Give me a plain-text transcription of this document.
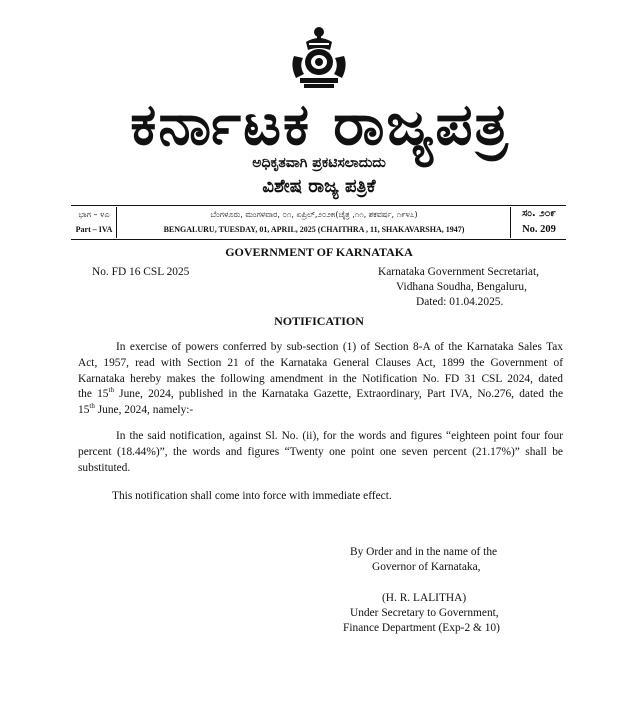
ಕರ್ನಾಟಕ ರಾಜ್ಯಪತ್ರ
ಅಧಿಕೃತವಾಗಿ ಪ್ರಕಟಿಸಲಾದುದು
ವಿಶೇಷ ರಾಜ್ಯ ಪತ್ರಿಕೆ
ಭಾಗ – ೪ಎ
Part – IVA
ಬೆಂಗಳೂರು, ಮಂಗಳವಾರ, ೦೧, ಏಪ್ರಿಲ್,೨೦೨೫(ಚೈತ್ರ ,೧೧, ಶಕವರ್ಷ, ೧೯೪೭)
BENGALURU, TUESDAY, 01, APRIL, 2025 (CHAITHRA , 11, SHAKAVARSHA, 1947)
ಸಂ. ೨೦೯
No. 209
GOVERNMENT OF KARNATAKA
No. FD 16 CSL 2025	Karnataka Government Secretariat,
Vidhana Soudha, Bengaluru,
Dated: 01.04.2025.
NOTIFICATION
In exercise of powers conferred by sub-section (1) of Section 8-A of the Karnataka Sales Tax
Act, 1957, read with Section 21 of the Karnataka General Clauses Act, 1899 the Government of
Karnataka hereby makes the following amendment in the Notification No. FD 31 CSL 2024, dated
the 15th June, 2024, published in the Karnataka Gazette, Extraordinary, Part IVA, No.276, dated the
15th June, 2024, namely:-
In the said notification, against Sl. No. (ii), for the words and figures “eighteen point four four
percent (18.44%)”, the words and figures “Twenty one point one seven percent (21.17%)” shall be
substituted.
This notification shall come into force with immediate effect.
By Order and in the name of the
Governor of Karnataka,
(H. R. LALITHA)
Under Secretary to Government,
Finance Department (Exp-2 & 10)
